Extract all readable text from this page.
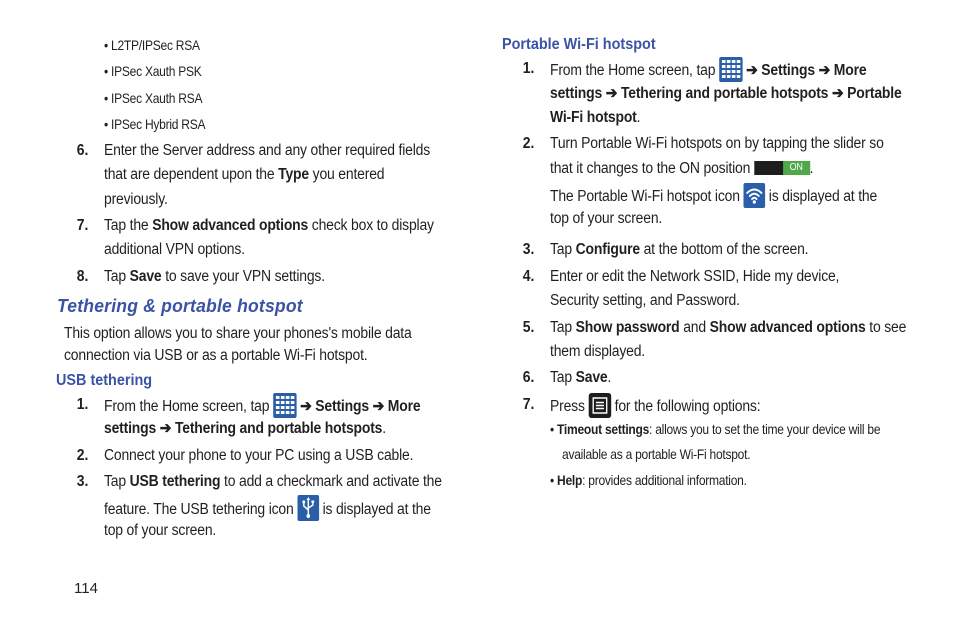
• L2TP/IPSec RSA
• IPSec Xauth PSK
• IPSec Xauth RSA
• IPSec Hybrid RSA
6. Enter the Server address and any other required fields
that are dependent upon the Type you entered
previously.
7. Tap the Show advanced options check box to display
additional VPN options.
8. Tap Save to save your VPN settings.
Tethering & portable hotspot
This option allows you to share your phones's mobile data
connection via USB or as a portable Wi-Fi hotspot.
USB tethering
1. From the Home screen, tap
➔ Settings ➔ More
settings ➔ Tethering and portable hotspots.
2. Connect your phone to your PC using a USB cable.
3. Tap USB tethering to add a checkmark and activate the
feature. The USB tethering icon  is displayed at the
top of your screen.
114
Portable Wi-Fi hotspot
1. From the Home screen, tap
➔ Settings ➔ More
settings ➔ Tethering and portable hotspots ➔ Portable
Wi-Fi hotspot.
2. Turn Portable Wi-Fi hotspots on by tapping the slider so
that it changes to the ON position	ON .
The Portable Wi-Fi hotspot icon  is displayed at the
top of your screen.
3. Tap Configure at the bottom of the screen.
4. Enter or edit the Network SSID, Hide my device,
Security setting, and Password.
5. Tap Show password and Show advanced options to see
them displayed.
6. Tap Save.
7. Press  for the following options:
• Timeout settings: allows you to set the time your device will be
available as a portable Wi-Fi hotspot.
• Help: provides additional information.
